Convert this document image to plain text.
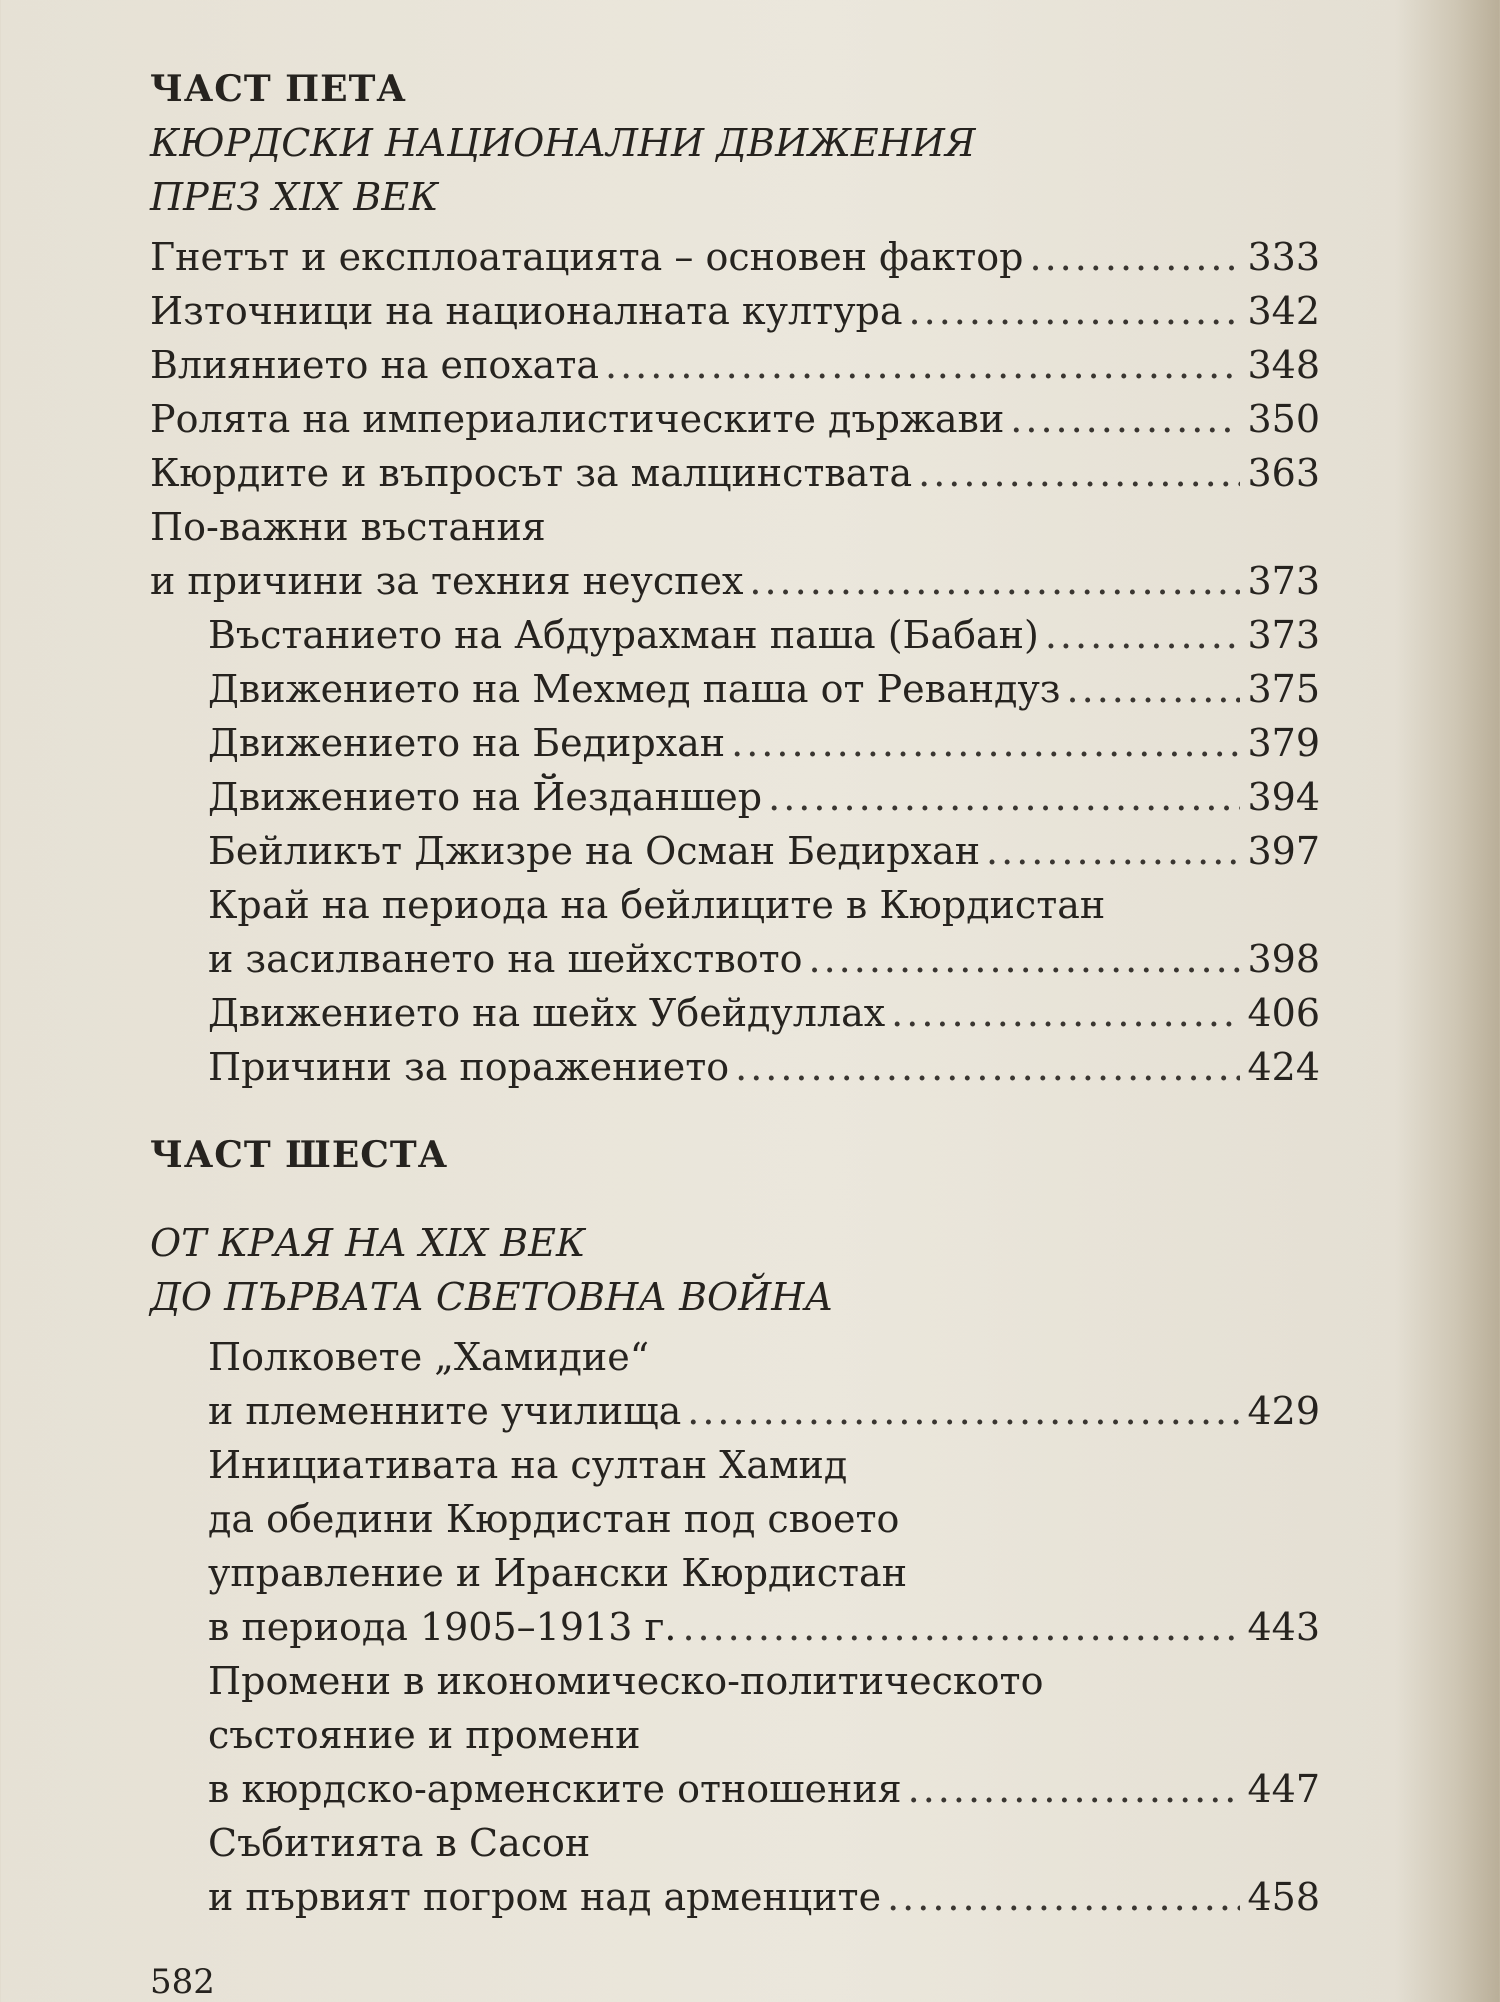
ЧАСТ ПЕТА
КЮРДСКИ НАЦИОНАЛНИ ДВИЖЕНИЯ
ПРЕЗ XIX ВЕК
Гнетът и експлоатацията – основен фактор .....	333
Източници на националната култура .....	342
Влиянието на епохата .....	348
Ролята на империалистическите държави .....	350
Кюрдите и въпросът за малцинствата .....	363
По-важни въстания
и причини за техния неуспех .....	373
Въстанието на Абдурахман паша (Бабан) .....	373
Движението на Мехмед паша от Ревандуз .....	375
Движението на Бедирхан .....	379
Движението на Йезданшер .....	394
Бейликът Джизре на Осман Бедирхан .....	397
Край на периода на бейлиците в Кюрдистан
и засилването на шейхството .....	398
Движението на шейх Убейдуллах .....	406
Причини за поражението .....	424
ЧАСТ ШЕСТА
ОТ КРАЯ НА XIX ВЕК
ДО ПЪРВАТА СВЕТОВНА ВОЙНА
Полковете „Хамидие“
и племенните училища .....	429
Инициативата на султан Хамид
да обедини Кюрдистан под своето
управление и Ирански Кюрдистан
в периода 1905–1913 г. .....	443
Промени в икономическо-политическото
състояние и промени
в кюрдско-арменските отношения .....	447
Събитията в Сасон
и първият погром над арменците .....	458
582
